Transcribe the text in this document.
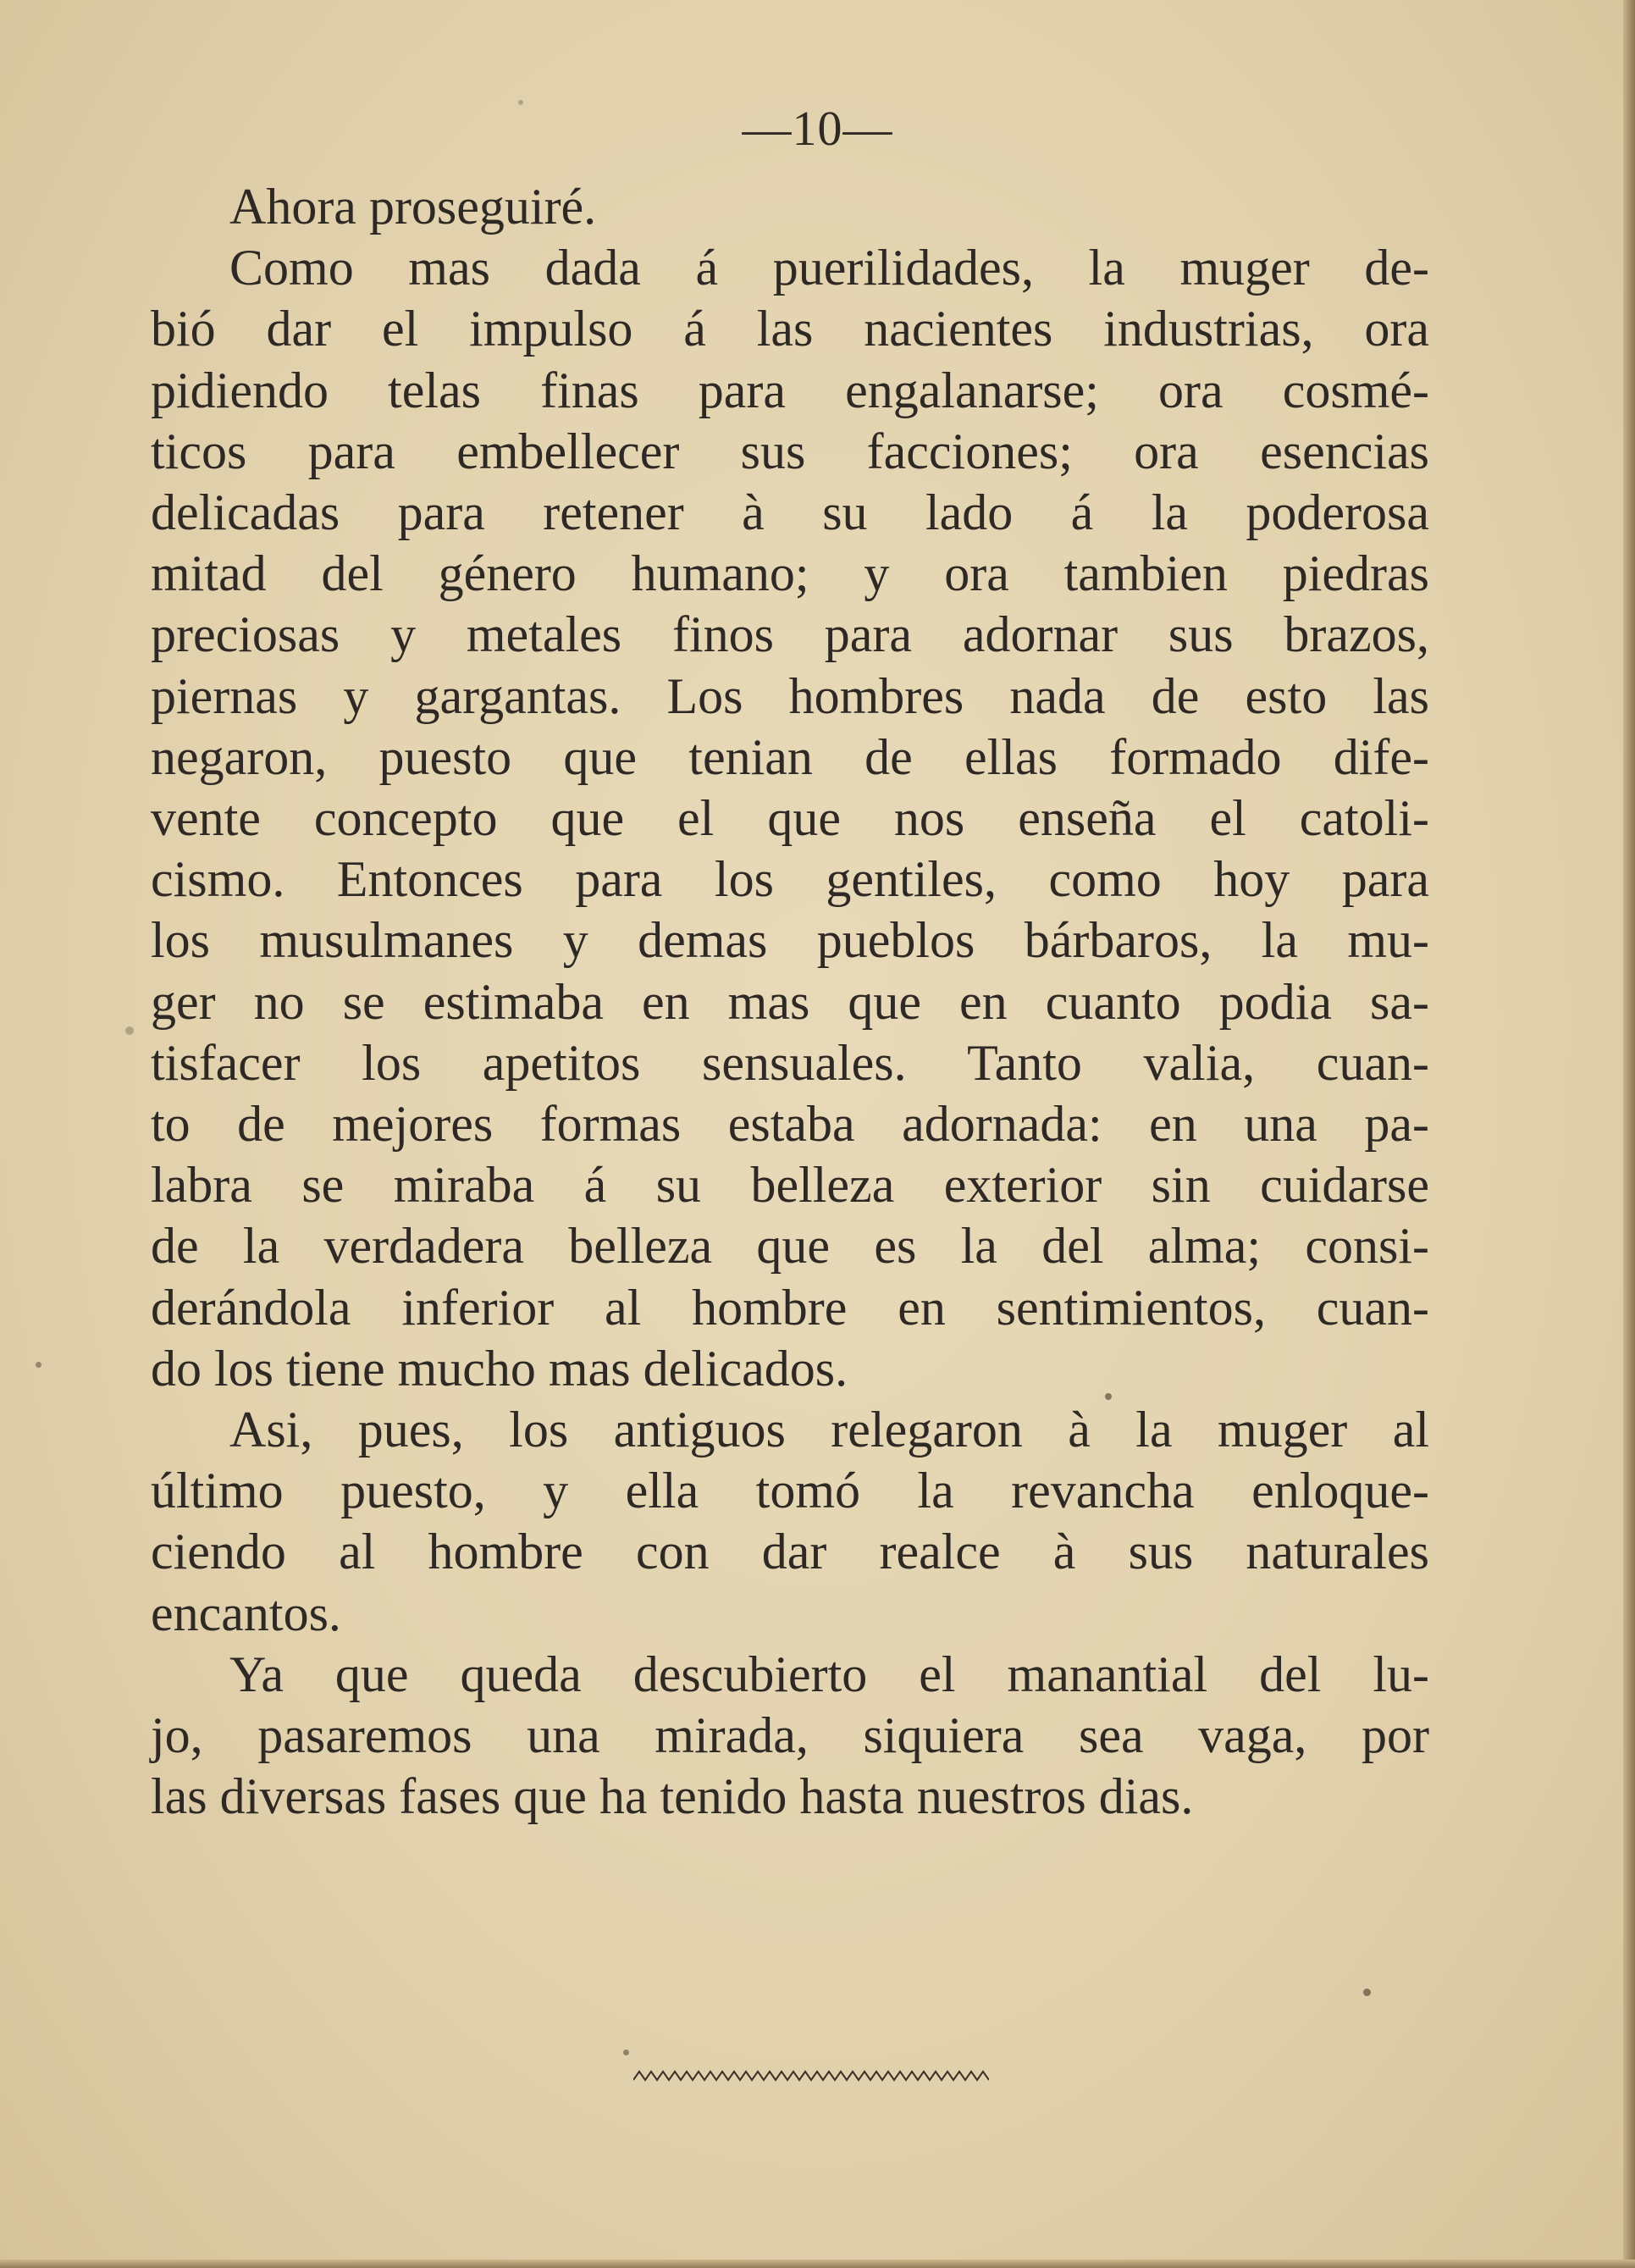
—10—
Ahora proseguiré.
Como mas dada á puerilidades, la muger de-
bió dar el impulso á las nacientes industrias, ora
pidiendo telas finas para engalanarse; ora cosmé-
ticos para embellecer sus facciones; ora esencias
delicadas para retener à su lado á la poderosa
mitad del género humano; y ora tambien piedras
preciosas y metales finos para adornar sus brazos,
piernas y gargantas. Los hombres nada de esto las
negaron, puesto que tenian de ellas formado dife-
vente concepto que el que nos enseña el catoli-
cismo. Entonces para los gentiles, como hoy para
los musulmanes y demas pueblos bárbaros, la mu-
ger no se estimaba en mas que en cuanto podia sa-
tisfacer los apetitos sensuales. Tanto valia, cuan-
to de mejores formas estaba adornada: en una pa-
labra se miraba á su belleza exterior sin cuidarse
de la verdadera belleza que es la del alma; consi-
derándola inferior al hombre en sentimientos, cuan-
do los tiene mucho mas delicados.
Asi, pues, los antiguos relegaron à la muger al
último puesto, y ella tomó la revancha enloque-
ciendo al hombre con dar realce à sus naturales
encantos.
Ya que queda descubierto el manantial del lu-
jo, pasaremos una mirada, siquiera sea vaga, por
las diversas fases que ha tenido hasta nuestros dias.
